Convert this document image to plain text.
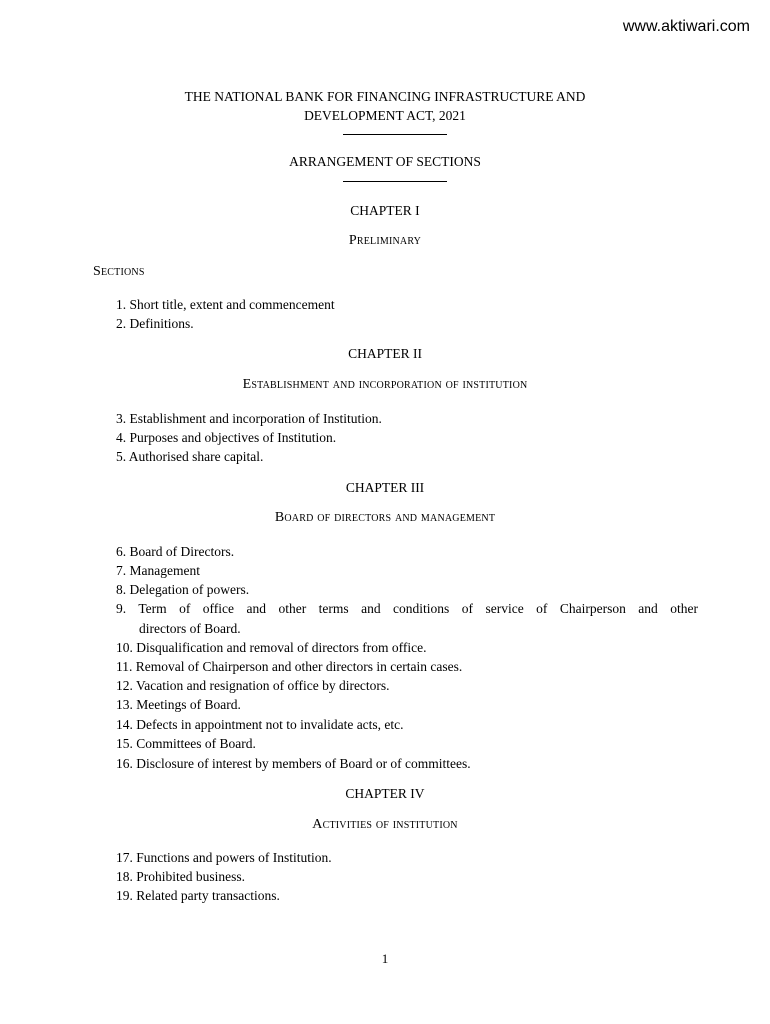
www.aktiwari.com
THE NATIONAL BANK FOR FINANCING INFRASTRUCTURE AND
DEVELOPMENT ACT, 2021
ARRANGEMENT OF SECTIONS
CHAPTER I
Preliminary
Sections
1. Short title, extent and commencement
2. Definitions.
CHAPTER II
Establishment and incorporation of institution
3. Establishment and incorporation of Institution.
4. Purposes and objectives of Institution.
5. Authorised share capital.
CHAPTER III
Board of directors and management
6. Board of Directors.
7. Management
8. Delegation of powers.
9. Term of office and other terms and conditions of service of Chairperson and other
directors of Board.
10. Disqualification and removal of directors from office.
11. Removal of Chairperson and other directors in certain cases.
12. Vacation and resignation of office by directors.
13. Meetings of Board.
14. Defects in appointment not to invalidate acts, etc.
15. Committees of Board.
16. Disclosure of interest by members of Board or of committees.
CHAPTER IV
Activities of institution
17. Functions and powers of Institution.
18. Prohibited business.
19. Related party transactions.
1
